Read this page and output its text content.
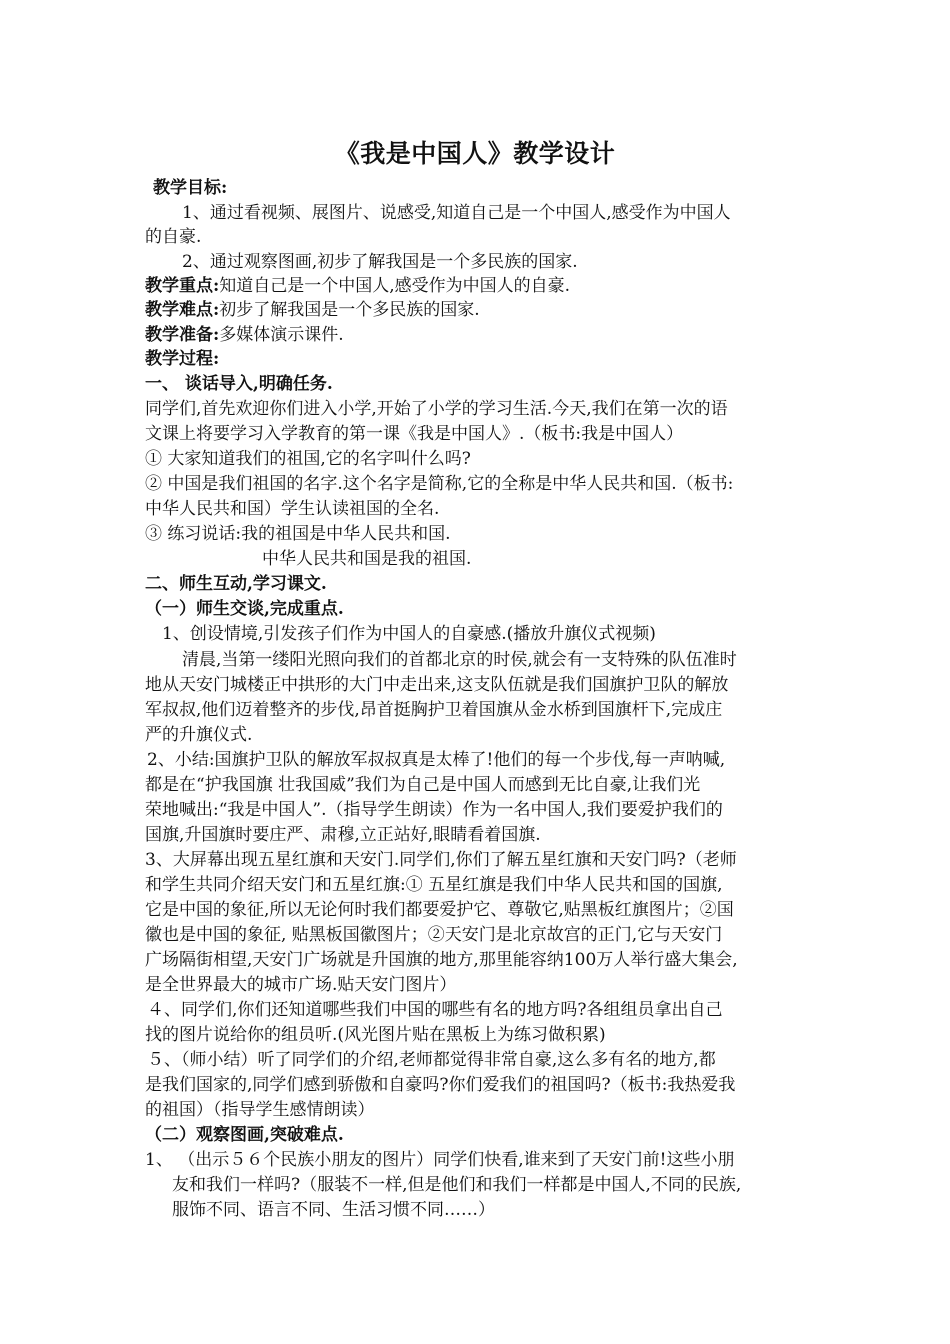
《我是中国人》教学设计
教学目标:
1、通过看视频、展图片、说感受,知道自己是一个中国人,感受作为中国人
的自豪.
2、通过观察图画,初步了解我国是一个多民族的国家.
教学重点:知道自己是一个中国人,感受作为中国人的自豪.
教学难点:初步了解我国是一个多民族的国家.
教学准备:多媒体演示课件.
教学过程:
一、 谈话导入,明确任务.
同学们,首先欢迎你们进入小学,开始了小学的学习生活.今天,我们在第一次的语
文课上将要学习入学教育的第一课《我是中国人》.（板书:我是中国人）
① 大家知道我们的祖国,它的名字叫什么吗?
② 中国是我们祖国的名字.这个名字是简称,它的全称是中华人民共和国.（板书:
中华人民共和国）学生认读祖国的全名.
③ 练习说话:我的祖国是中华人民共和国.
中华人民共和国是我的祖国.
二、师生互动,学习课文.
（一）师生交谈,完成重点.
1、创设情境,引发孩子们作为中国人的自豪感.(播放升旗仪式视频)
清晨,当第一缕阳光照向我们的首都北京的时侯,就会有一支特殊的队伍准时
地从天安门城楼正中拱形的大门中走出来,这支队伍就是我们国旗护卫队的解放
军叔叔,他们迈着整齐的步伐,昂首挺胸护卫着国旗从金水桥到国旗杆下,完成庄
严的升旗仪式.
2、小结:国旗护卫队的解放军叔叔真是太棒了!他们的每一个步伐,每一声呐喊,
都是在“护我国旗 壮我国威”我们为自己是中国人而感到无比自豪,让我们光
荣地喊出:“我是中国人”.（指导学生朗读）作为一名中国人,我们要爱护我们的
国旗,升国旗时要庄严、肃穆,立正站好,眼睛看着国旗.
3、大屏幕出现五星红旗和天安门.同学们,你们了解五星红旗和天安门吗?（老师
和学生共同介绍天安门和五星红旗:① 五星红旗是我们中华人民共和国的国旗,
它是中国的象征,所以无论何时我们都要爱护它、尊敬它,贴黑板红旗图片；②国
徽也是中国的象征, 贴黑板国徽图片；②天安门是北京故宫的正门,它与天安门
广场隔街相望,天安门广场就是升国旗的地方,那里能容纳100万人举行盛大集会,
是全世界最大的城市广场.贴天安门图片）
４、同学们,你们还知道哪些我们中国的哪些有名的地方吗?各组组员拿出自己
找的图片说给你的组员听.(风光图片贴在黑板上为练习做积累)
５、（师小结）听了同学们的介绍,老师都觉得非常自豪,这么多有名的地方,都
是我们国家的,同学们感到骄傲和自豪吗?你们爱我们的祖国吗?（板书:我热爱我
的祖国）（指导学生感情朗读）
（二）观察图画,突破难点.
1、 （出示５６个民族小朋友的图片）同学们快看,谁来到了天安门前!这些小朋
友和我们一样吗?（服装不一样,但是他们和我们一样都是中国人,不同的民族,
服饰不同、语言不同、生活习惯不同……）
